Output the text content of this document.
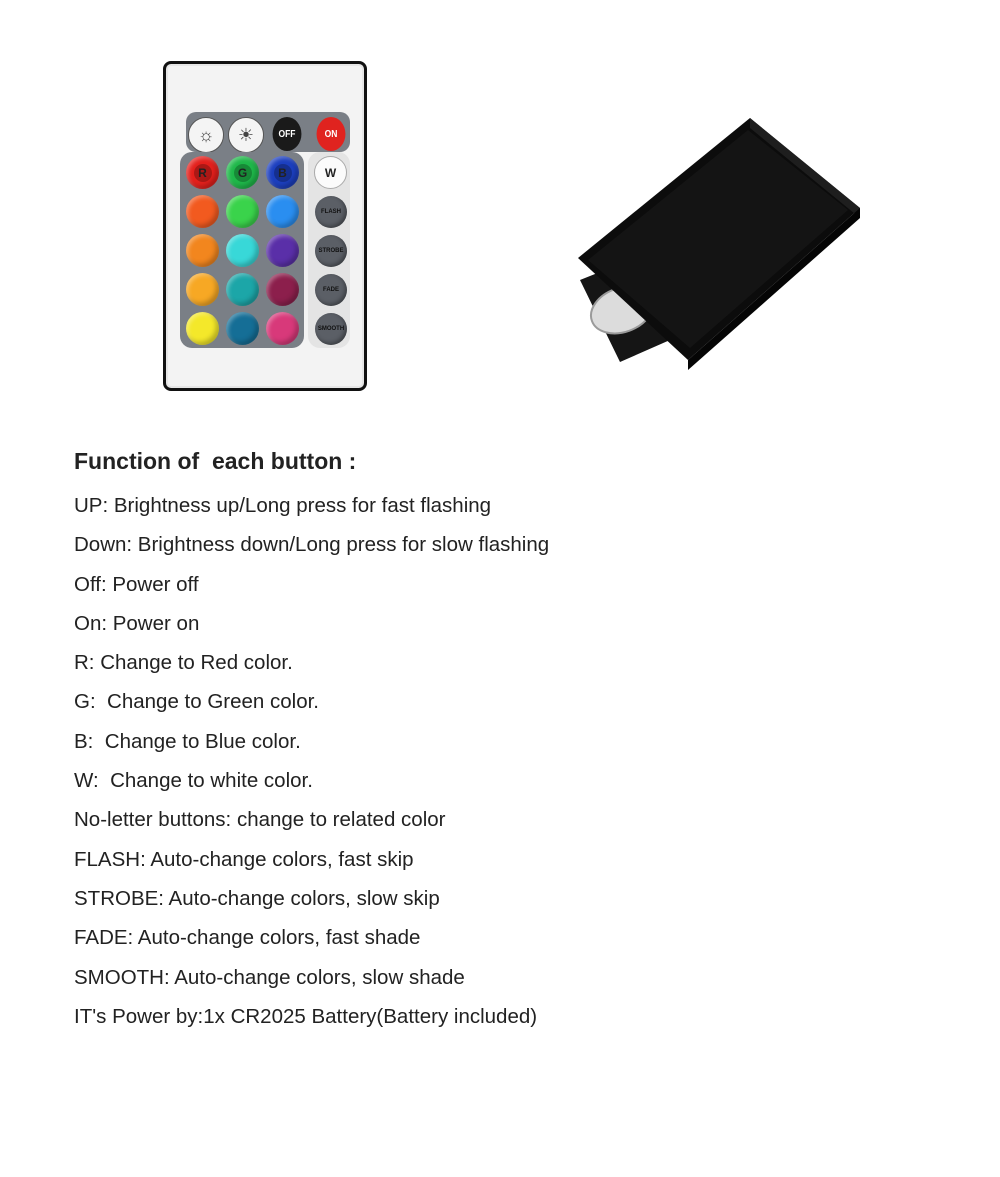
☼	☀	OFF	ON
R	G	B	W
FLASH
STROBE
FADE
SMOOTH
Function of  each button :
UP: Brightness up/Long press for fast flashing
Down: Brightness down/Long press for slow flashing
Off: Power off
On: Power on
R: Change to Red color.
G:  Change to Green color.
B:  Change to Blue color.
W:  Change to white color.
No-letter buttons: change to related color
FLASH: Auto-change colors, fast skip
STROBE: Auto-change colors, slow skip
FADE: Auto-change colors, fast shade
SMOOTH: Auto-change colors, slow shade
IT's Power by:1x CR2025 Battery(Battery included)
